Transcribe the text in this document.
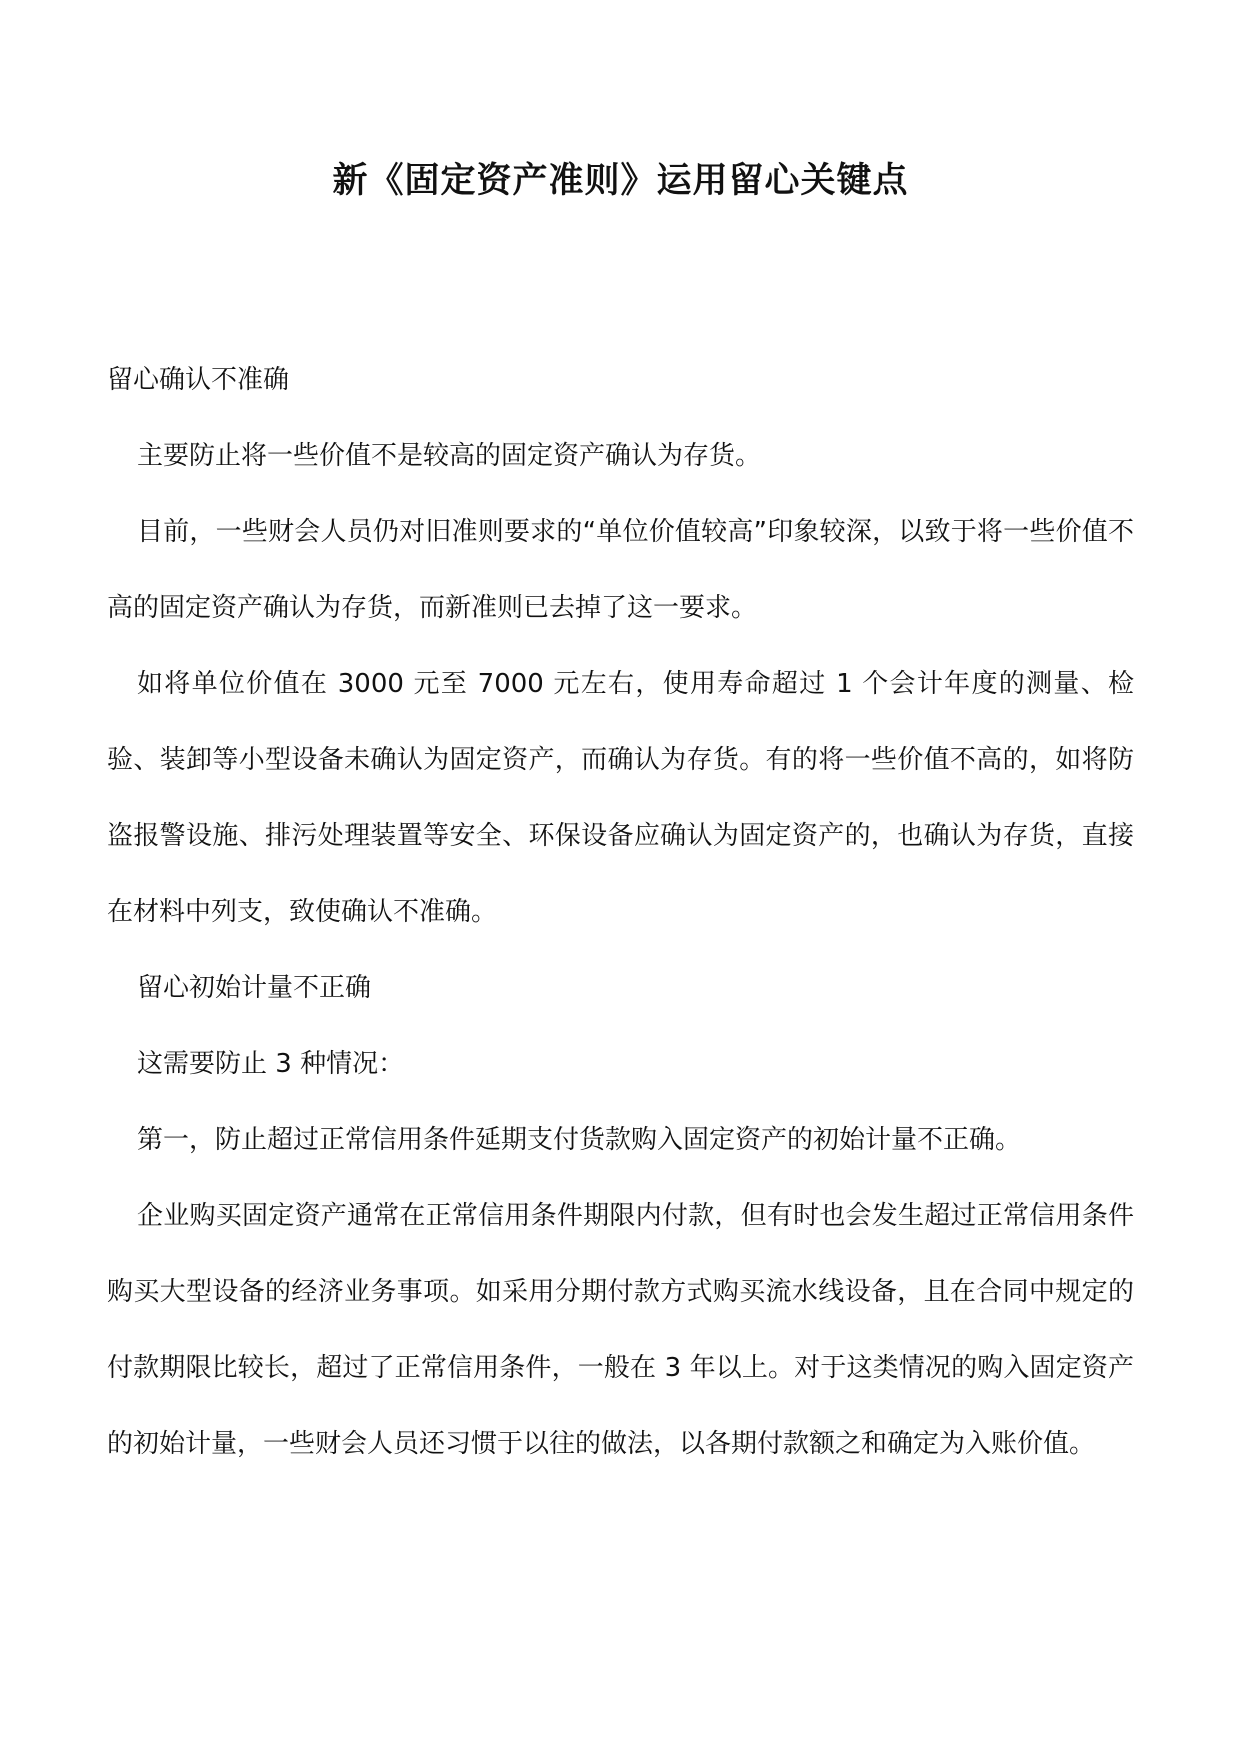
新《固定资产准则》运用留心关键点

留心确认不准确

主要防止将一些价值不是较高的固定资产确认为存货。

目前，一些财会人员仍对旧准则要求的“单位价值较高”印象较深，以致于将一些价值不高的固定资产确认为存货，而新准则已去掉了这一要求。

如将单位价值在 3000 元至 7000 元左右，使用寿命超过 1 个会计年度的测量、检验、装卸等小型设备未确认为固定资产，而确认为存货。有的将一些价值不高的，如将防盗报警设施、排污处理装置等安全、环保设备应确认为固定资产的，也确认为存货，直接在材料中列支，致使确认不准确。

留心初始计量不正确

这需要防止 3 种情况：

第一，防止超过正常信用条件延期支付货款购入固定资产的初始计量不正确。

企业购买固定资产通常在正常信用条件期限内付款，但有时也会发生超过正常信用条件购买大型设备的经济业务事项。如采用分期付款方式购买流水线设备，且在合同中规定的付款期限比较长，超过了正常信用条件，一般在 3 年以上。对于这类情况的购入固定资产的初始计量，一些财会人员还习惯于以往的做法，以各期付款额之和确定为入账价值。
